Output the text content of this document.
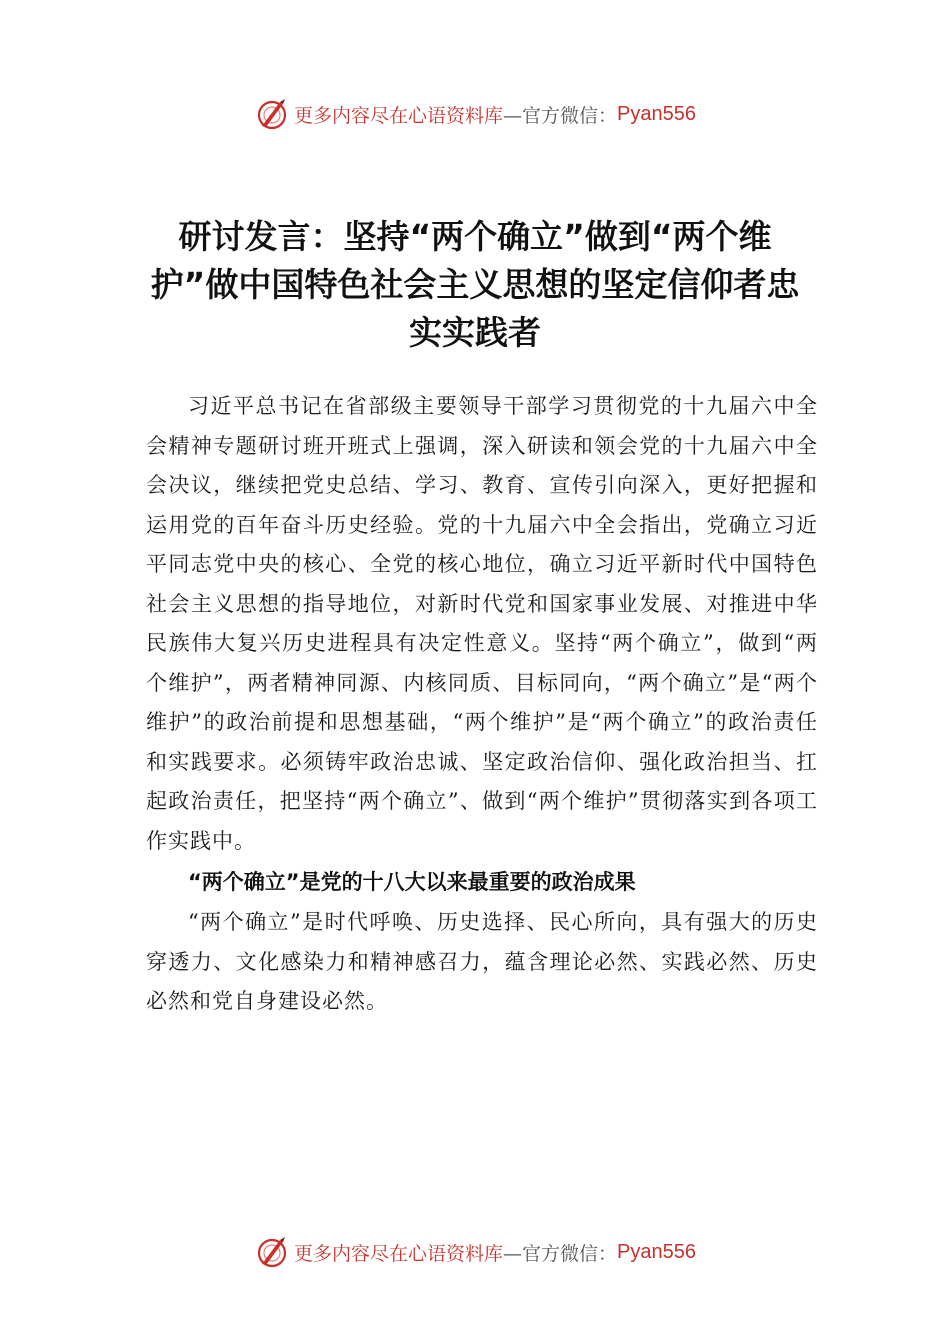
更多内容尽在心语资料库 —官方微信： Pyan556
研讨发言：坚持“两个确立”做到“两个维护”做中国特色社会主义思想的坚定信仰者忠实实践者

习近平总书记在省部级主要领导干部学习贯彻党的十九届六中全会精神专题研讨班开班式上强调，深入研读和领会党的十九届六中全会决议，继续把党史总结、学习、教育、宣传引向深入，更好把握和运用党的百年奋斗历史经验。党的十九届六中全会指出，党确立习近平同志党中央的核心、全党的核心地位，确立习近平新时代中国特色社会主义思想的指导地位，对新时代党和国家事业发展、对推进中华民族伟大复兴历史进程具有决定性意义。坚持“两个确立”，做到“两个维护”，两者精神同源、内核同质、目标同向，“两个确立”是“两个维护”的政治前提和思想基础，“两个维护”是“两个确立”的政治责任和实践要求。必须铸牢政治忠诚、坚定政治信仰、强化政治担当、扛起政治责任，把坚持“两个确立”、做到“两个维护”贯彻落实到各项工作实践中。

“两个确立”是党的十八大以来最重要的政治成果

“两个确立”是时代呼唤、历史选择、民心所向，具有强大的历史穿透力、文化感染力和精神感召力，蕴含理论必然、实践必然、历史必然和党自身建设必然。

更多内容尽在心语资料库 —官方微信： Pyan556
